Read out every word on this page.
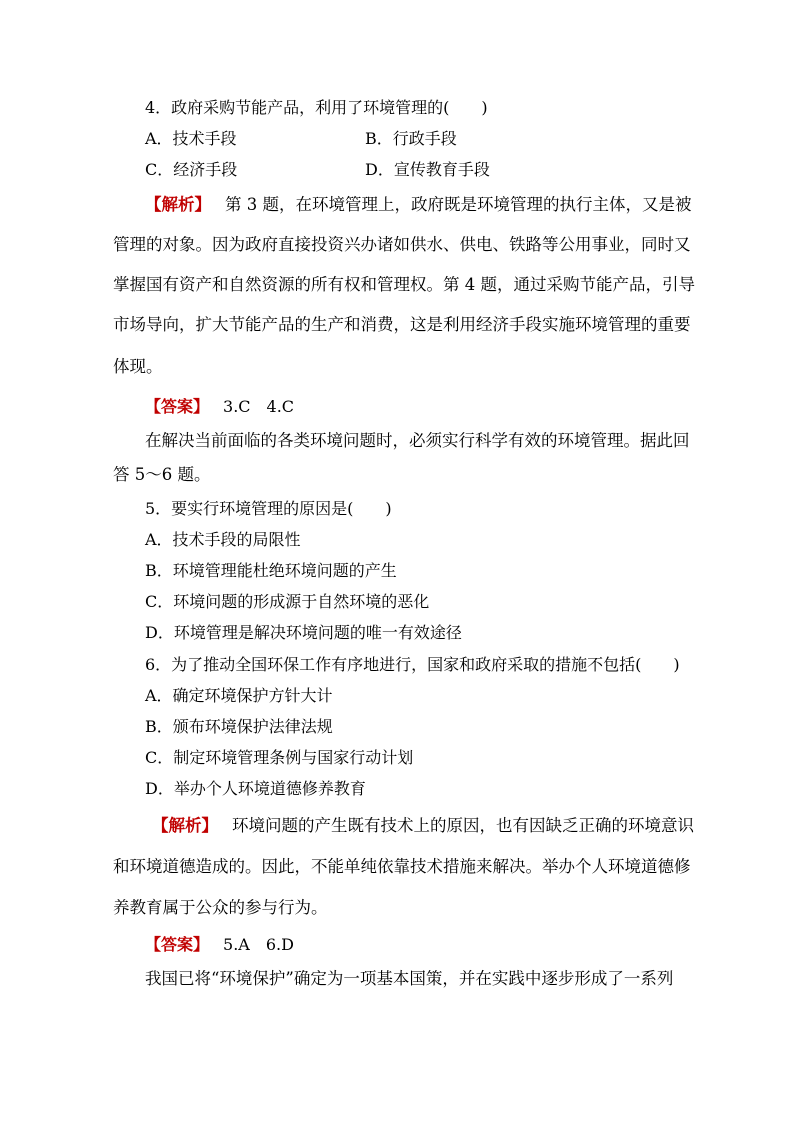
4．政府采购节能产品，利用了环境管理的(　　)
A．技术手段	B．行政手段
C．经济手段	D．宣传教育手段
【解析】 第 3 题，在环境管理上，政府既是环境管理的执行主体，又是被
管理的对象。因为政府直接投资兴办诸如供水、供电、铁路等公用事业，同时又
掌握国有资产和自然资源的所有权和管理权。第 4 题，通过采购节能产品，引导
市场导向，扩大节能产品的生产和消费，这是利用经济手段实施环境管理的重要
体现。
【答案】 3.C　4.C
在解决当前面临的各类环境问题时，必须实行科学有效的环境管理。据此回
答 5～6 题。
5．要实行环境管理的原因是(　　)
A．技术手段的局限性
B．环境管理能杜绝环境问题的产生
C．环境问题的形成源于自然环境的恶化
D．环境管理是解决环境问题的唯一有效途径
6．为了推动全国环保工作有序地进行，国家和政府采取的措施不包括(　　)
A．确定环境保护方针大计
B．颁布环境保护法律法规
C．制定环境管理条例与国家行动计划
D．举办个人环境道德修养教育
【解析】 环境问题的产生既有技术上的原因，也有因缺乏正确的环境意识
和环境道德造成的。因此，不能单纯依靠技术措施来解决。举办个人环境道德修
养教育属于公众的参与行为。
【答案】 5.A　6.D
我国已将“环境保护”确定为一项基本国策，并在实践中逐步形成了一系列
